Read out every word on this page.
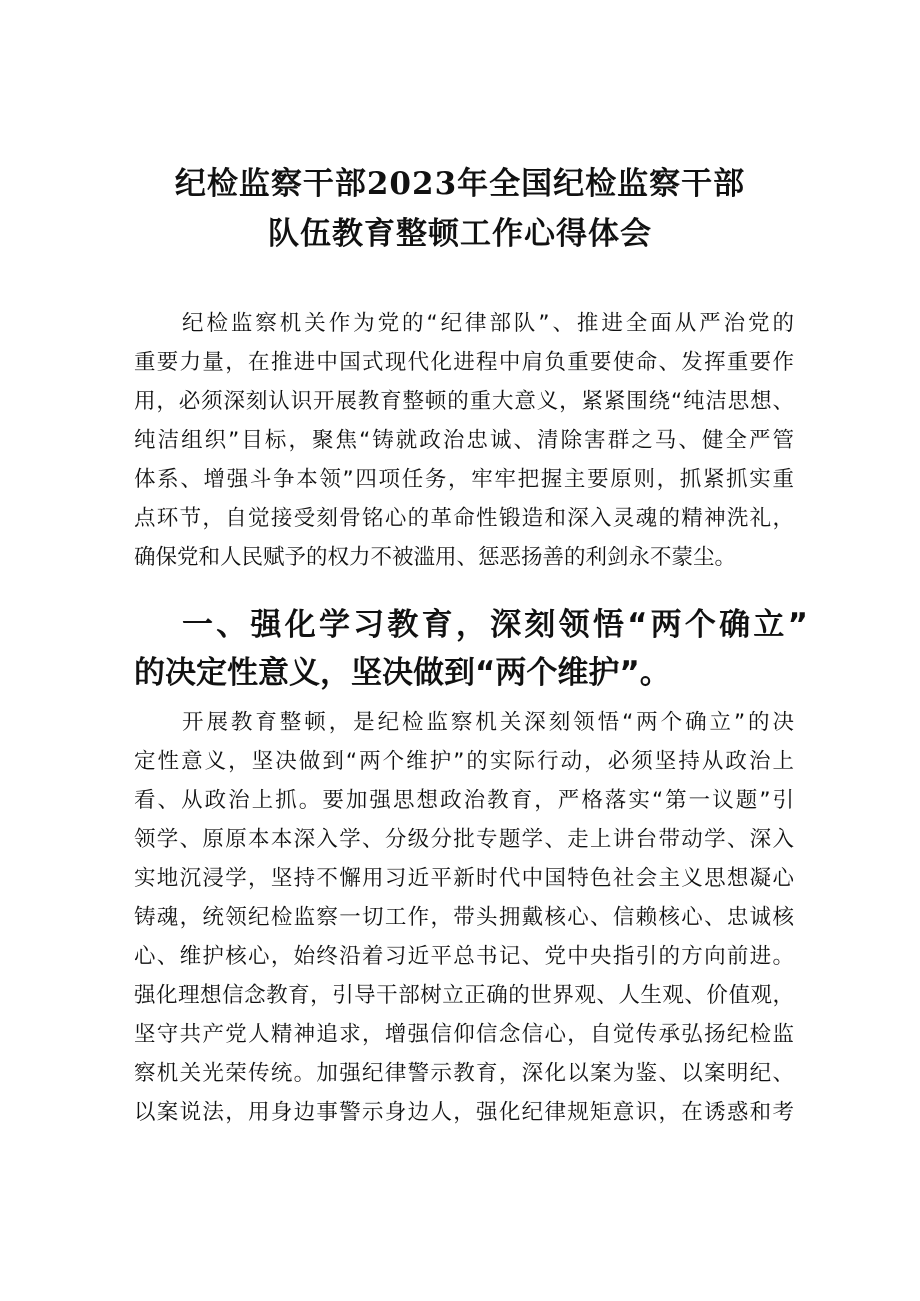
纪检监察干部2023年全国纪检监察干部
队伍教育整顿工作心得体会
纪检监察机关作为党的“纪律部队”、推进全面从严治党的
重要力量，在推进中国式现代化进程中肩负重要使命、发挥重要作
用，必须深刻认识开展教育整顿的重大意义，紧紧围绕“纯洁思想、
纯洁组织”目标，聚焦“铸就政治忠诚、清除害群之马、健全严管
体系、增强斗争本领”四项任务，牢牢把握主要原则，抓紧抓实重
点环节，自觉接受刻骨铭心的革命性锻造和深入灵魂的精神洗礼，
确保党和人民赋予的权力不被滥用、惩恶扬善的利剑永不蒙尘。
一、强化学习教育，深刻领悟“两个确立”
的决定性意义，坚决做到“两个维护”。
开展教育整顿，是纪检监察机关深刻领悟“两个确立”的决
定性意义，坚决做到“两个维护”的实际行动，必须坚持从政治上
看、从政治上抓。要加强思想政治教育，严格落实“第一议题”引
领学、原原本本深入学、分级分批专题学、走上讲台带动学、深入
实地沉浸学，坚持不懈用习近平新时代中国特色社会主义思想凝心
铸魂，统领纪检监察一切工作，带头拥戴核心、信赖核心、忠诚核
心、维护核心，始终沿着习近平总书记、党中央指引的方向前进。
强化理想信念教育，引导干部树立正确的世界观、人生观、价值观，
坚守共产党人精神追求，增强信仰信念信心，自觉传承弘扬纪检监
察机关光荣传统。加强纪律警示教育，深化以案为鉴、以案明纪、
以案说法，用身边事警示身边人，强化纪律规矩意识，在诱惑和考
